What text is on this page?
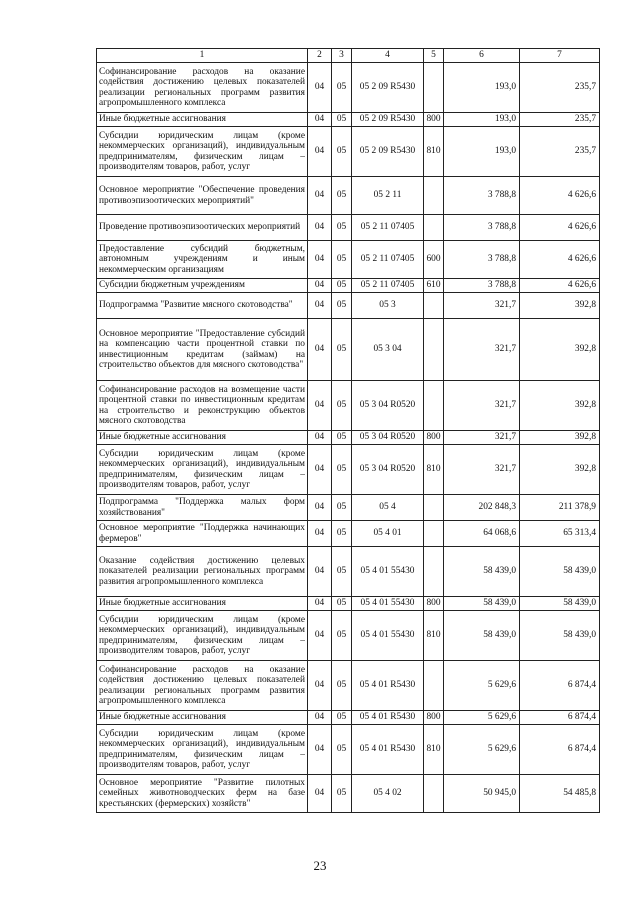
1	2	3	4	5	6	7
Софинансирование расходов на оказание содействия достижению целевых показателей реализации региональных программ развития агропромышленного комплекса	04	05	05 2 09 R5430		193,0	235,7
Иные бюджетные ассигнования	04	05	05 2 09 R5430	800	193,0	235,7
Субсидии юридическим лицам (кроме некоммерческих организаций), индивидуальным предпринимателям, физическим лицам – производителям товаров, работ, услуг	04	05	05 2 09 R5430	810	193,0	235,7
Основное мероприятие "Обеспечение проведения противоэпизоотических мероприятий"	04	05	05 2 11		3 788,8	4 626,6
Проведение противоэпизоотических мероприятий	04	05	05 2 11 07405		3 788,8	4 626,6
Предоставление субсидий бюджетным, автономным учреждениям и иным некоммерческим организациям	04	05	05 2 11 07405	600	3 788,8	4 626,6
Субсидии бюджетным учреждениям	04	05	05 2 11 07405	610	3 788,8	4 626,6
Подпрограмма "Развитие мясного скотоводства"	04	05	05 3		321,7	392,8
Основное мероприятие "Предоставление субсидий на компенсацию части процентной ставки по инвестиционным кредитам (займам) на строительство объектов для мясного скотоводства"	04	05	05 3 04		321,7	392,8
Софинансирование расходов на возмещение части процентной ставки по инвестиционным кредитам на строительство и реконструкцию объектов мясного скотоводства	04	05	05 3 04 R0520		321,7	392,8
Иные бюджетные ассигнования	04	05	05 3 04 R0520	800	321,7	392,8
Субсидии юридическим лицам (кроме некоммерческих организаций), индивидуальным предпринимателям, физическим лицам – производителям товаров, работ, услуг	04	05	05 3 04 R0520	810	321,7	392,8
Подпрограмма "Поддержка малых форм хозяйствования"	04	05	05 4		202 848,3	211 378,9
Основное мероприятие "Поддержка начинающих фермеров"	04	05	05 4 01		64 068,6	65 313,4
Оказание содействия достижению целевых показателей реализации региональных программ развития агропромышленного комплекса	04	05	05 4 01 55430		58 439,0	58 439,0
Иные бюджетные ассигнования	04	05	05 4 01 55430	800	58 439,0	58 439,0
Субсидии юридическим лицам (кроме некоммерческих организаций), индивидуальным предпринимателям, физическим лицам – производителям товаров, работ, услуг	04	05	05 4 01 55430	810	58 439,0	58 439,0
Софинансирование расходов на оказание содействия достижению целевых показателей реализации региональных программ развития агропромышленного комплекса	04	05	05 4 01 R5430		5 629,6	6 874,4
Иные бюджетные ассигнования	04	05	05 4 01 R5430	800	5 629,6	6 874,4
Субсидии юридическим лицам (кроме некоммерческих организаций), индивидуальным предпринимателям, физическим лицам – производителям товаров, работ, услуг	04	05	05 4 01 R5430	810	5 629,6	6 874,4
Основное мероприятие "Развитие пилотных семейных животноводческих ферм на базе крестьянских (фермерских) хозяйств"	04	05	05 4 02		50 945,0	54 485,8
23
